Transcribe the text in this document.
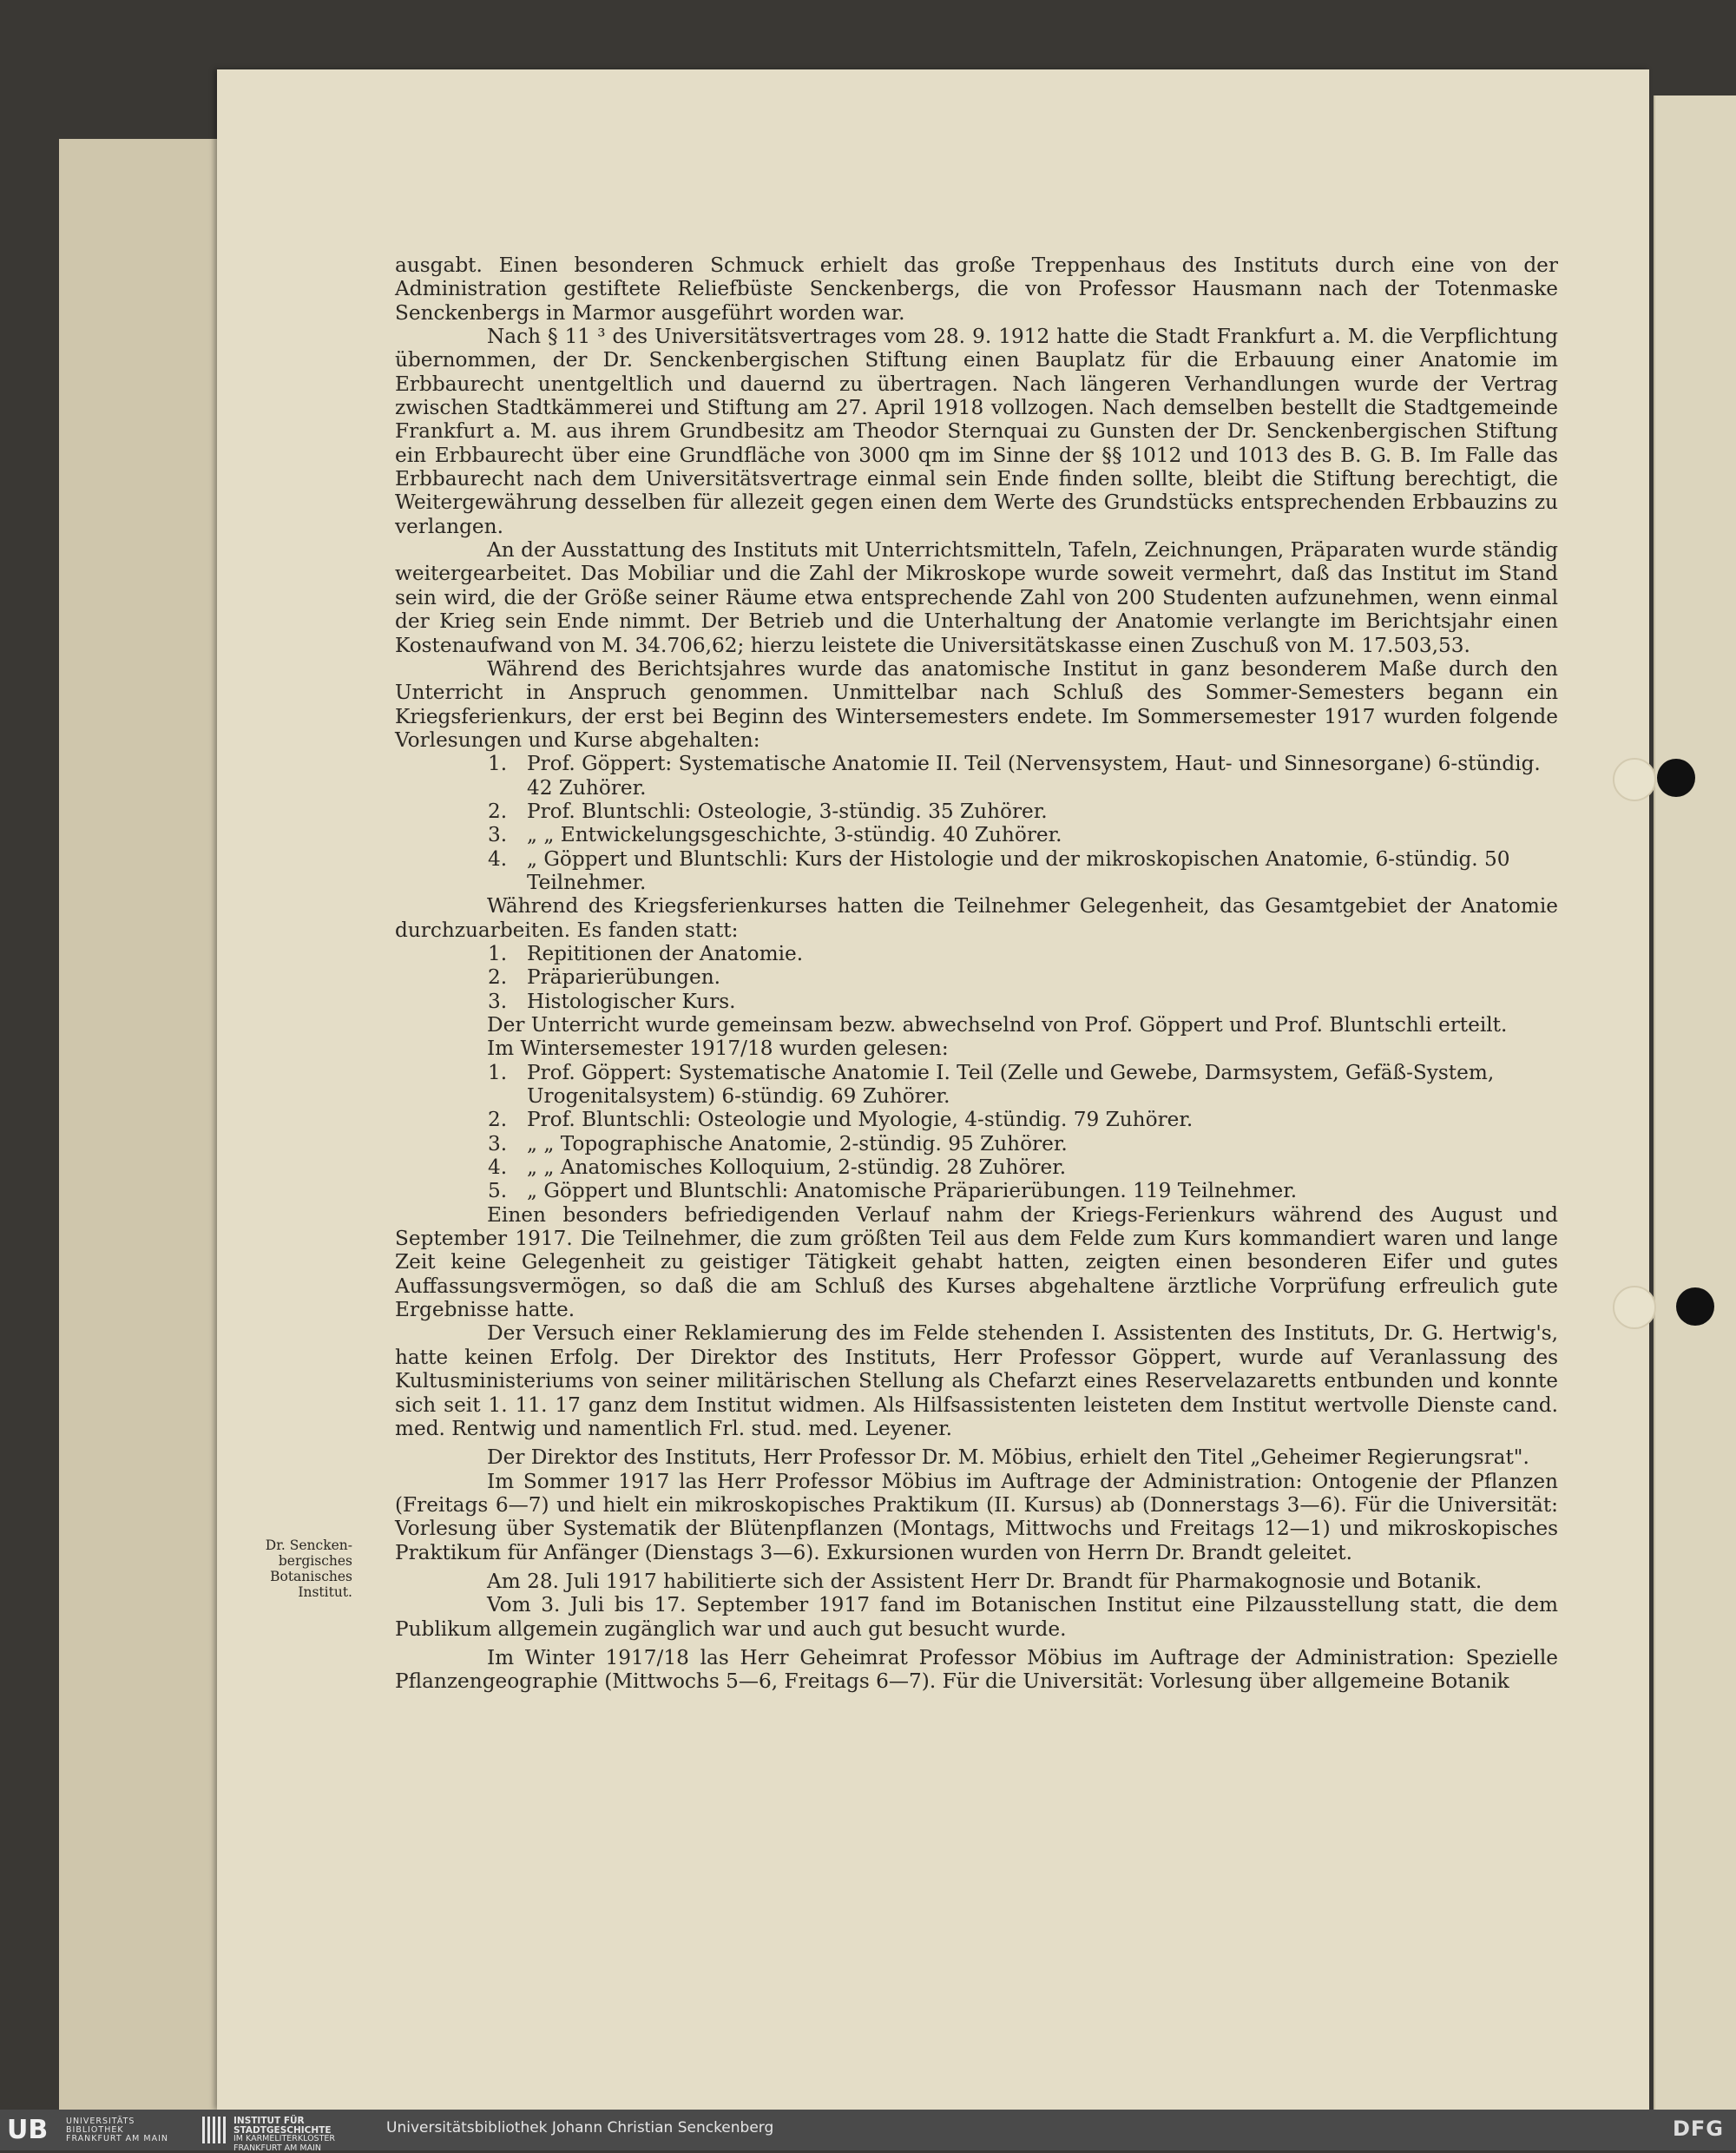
Dr. Sencken-
bergisches
Botanisches
Institut.
ausgabt. Einen besonderen Schmuck erhielt das große Treppenhaus des Instituts durch eine von der Administration gestiftete Reliefbüste Senckenbergs, die von Professor Hausmann nach der Totenmaske Senckenbergs in Marmor ausgeführt worden war.
Nach § 11 ³ des Universitätsvertrages vom 28. 9. 1912 hatte die Stadt Frankfurt a. M. die Verpflichtung übernommen, der Dr. Senckenbergischen Stiftung einen Bauplatz für die Erbauung einer Anatomie im Erbbaurecht unentgeltlich und dauernd zu übertragen. Nach längeren Verhandlungen wurde der Vertrag zwischen Stadtkämmerei und Stiftung am 27. April 1918 vollzogen. Nach demselben bestellt die Stadtgemeinde Frankfurt a. M. aus ihrem Grundbesitz am Theodor Sternquai zu Gunsten der Dr. Senckenbergischen Stiftung ein Erbbaurecht über eine Grundfläche von 3000 qm im Sinne der §§ 1012 und 1013 des B. G. B. Im Falle das Erbbaurecht nach dem Universitätsvertrage einmal sein Ende finden sollte, bleibt die Stiftung berechtigt, die Weitergewährung desselben für allezeit gegen einen dem Werte des Grundstücks entsprechenden Erbbauzins zu verlangen.
An der Ausstattung des Instituts mit Unterrichtsmitteln, Tafeln, Zeichnungen, Präparaten wurde ständig weitergearbeitet. Das Mobiliar und die Zahl der Mikroskope wurde soweit vermehrt, daß das Institut im Stand sein wird, die der Größe seiner Räume etwa entsprechende Zahl von 200 Studenten aufzunehmen, wenn einmal der Krieg sein Ende nimmt. Der Betrieb und die Unterhaltung der Anatomie verlangte im Berichtsjahr einen Kostenaufwand von M. 34.706,62; hierzu leistete die Universitätskasse einen Zuschuß von M. 17.503,53.
Während des Berichtsjahres wurde das anatomische Institut in ganz besonderem Maße durch den Unterricht in Anspruch genommen. Unmittelbar nach Schluß des Sommer-Semesters begann ein Kriegsferienkurs, der erst bei Beginn des Wintersemesters endete. Im Sommersemester 1917 wurden folgende Vorlesungen und Kurse abgehalten:
1. Prof. Göppert: Systematische Anatomie II. Teil (Nervensystem, Haut- und Sinnesorgane) 6-stündig. 42 Zuhörer.
2. Prof. Bluntschli: Osteologie, 3-stündig. 35 Zuhörer.
3. „ „ Entwickelungsgeschichte, 3-stündig. 40 Zuhörer.
4. „ Göppert und Bluntschli: Kurs der Histologie und der mikroskopischen Anatomie, 6-stündig. 50 Teilnehmer.
Während des Kriegsferienkurses hatten die Teilnehmer Gelegenheit, das Gesamtgebiet der Anatomie durchzuarbeiten. Es fanden statt:
1. Repititionen der Anatomie.
2. Präparierübungen.
3. Histologischer Kurs.
Der Unterricht wurde gemeinsam bezw. abwechselnd von Prof. Göppert und Prof. Bluntschli erteilt.
Im Wintersemester 1917/18 wurden gelesen:
1. Prof. Göppert: Systematische Anatomie I. Teil (Zelle und Gewebe, Darmsystem, Gefäß-System, Urogenitalsystem) 6-stündig. 69 Zuhörer.
2. Prof. Bluntschli: Osteologie und Myologie, 4-stündig. 79 Zuhörer.
3. „ „ Topographische Anatomie, 2-stündig. 95 Zuhörer.
4. „ „ Anatomisches Kolloquium, 2-stündig. 28 Zuhörer.
5. „ Göppert und Bluntschli: Anatomische Präparierübungen. 119 Teilnehmer.
Einen besonders befriedigenden Verlauf nahm der Kriegs-Ferienkurs während des August und September 1917. Die Teilnehmer, die zum größten Teil aus dem Felde zum Kurs kommandiert waren und lange Zeit keine Gelegenheit zu geistiger Tätigkeit gehabt hatten, zeigten einen besonderen Eifer und gutes Auffassungsvermögen, so daß die am Schluß des Kurses abgehaltene ärztliche Vorprüfung erfreulich gute Ergebnisse hatte.
Der Versuch einer Reklamierung des im Felde stehenden I. Assistenten des Instituts, Dr. G. Hertwig's, hatte keinen Erfolg. Der Direktor des Instituts, Herr Professor Göppert, wurde auf Veranlassung des Kultusministeriums von seiner militärischen Stellung als Chefarzt eines Reservelazaretts entbunden und konnte sich seit 1. 11. 17 ganz dem Institut widmen. Als Hilfsassistenten leisteten dem Institut wertvolle Dienste cand. med. Rentwig und namentlich Frl. stud. med. Leyener.
Der Direktor des Instituts, Herr Professor Dr. M. Möbius, erhielt den Titel „Geheimer Regierungsrat".
Im Sommer 1917 las Herr Professor Möbius im Auftrage der Administration: Ontogenie der Pflanzen (Freitags 6—7) und hielt ein mikroskopisches Praktikum (II. Kursus) ab (Donnerstags 3—6). Für die Universität: Vorlesung über Systematik der Blütenpflanzen (Montags, Mittwochs und Freitags 12—1) und mikroskopisches Praktikum für Anfänger (Dienstags 3—6). Exkursionen wurden von Herrn Dr. Brandt geleitet.
Am 28. Juli 1917 habilitierte sich der Assistent Herr Dr. Brandt für Pharmakognosie und Botanik.
Vom 3. Juli bis 17. September 1917 fand im Botanischen Institut eine Pilzausstellung statt, die dem Publikum allgemein zugänglich war und auch gut besucht wurde.
Im Winter 1917/18 las Herr Geheimrat Professor Möbius im Auftrage der Administration: Spezielle Pflanzengeographie (Mittwochs 5—6, Freitags 6—7). Für die Universität: Vorlesung über allgemeine Botanik
UB UNIVERSITÄTS
BIBLIOTHEK
FRANKFURT AM MAIN
INSTITUT FÜR
STADTGESCHICHTE
IM KARMELITERKLOSTER
FRANKFURT AM MAIN
Universitätsbibliothek Johann Christian Senckenberg	DFG
